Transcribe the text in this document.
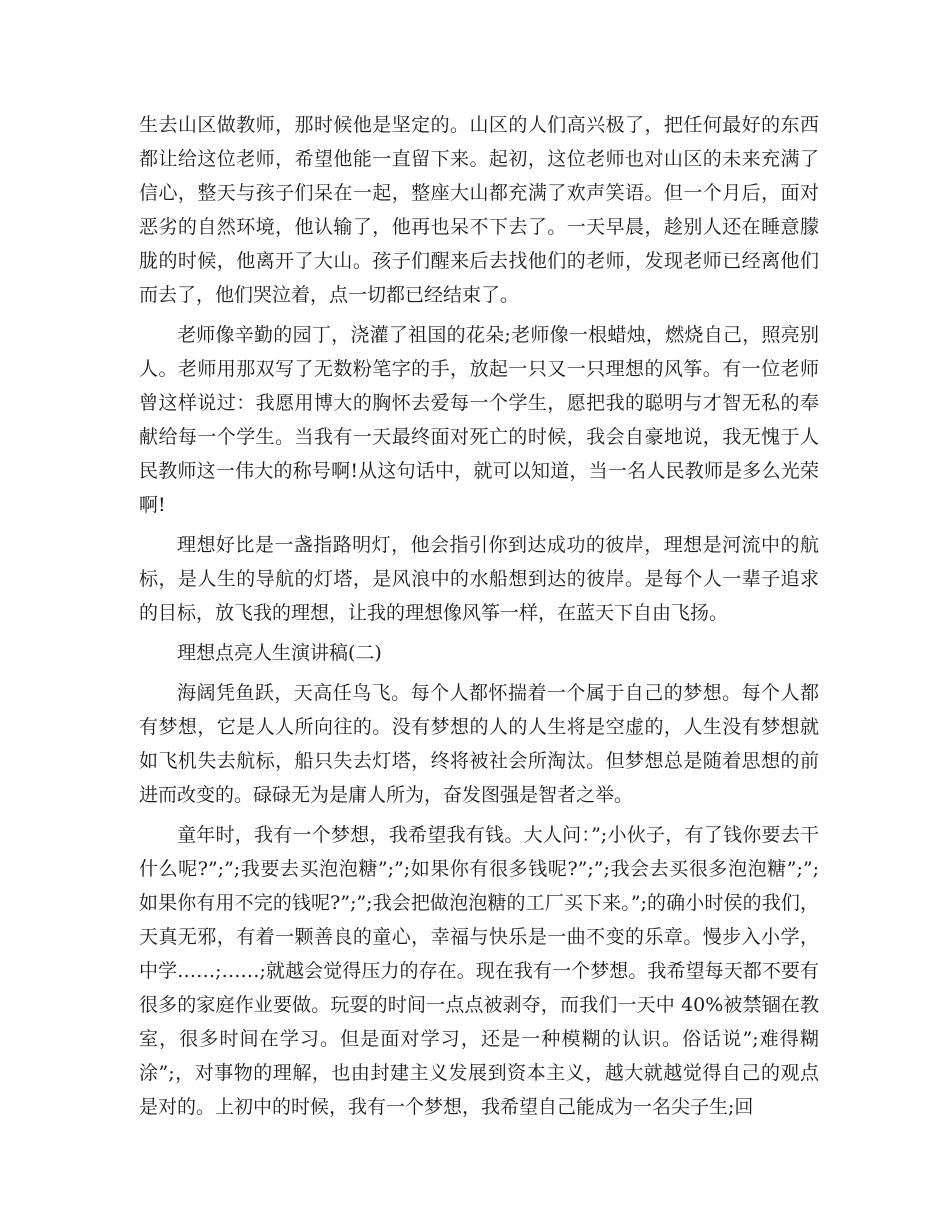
生去山区做教师，那时候他是坚定的。山区的人们高兴极了，把任何最好的东西都让给这位老师，希望他能一直留下来。起初，这位老师也对山区的未来充满了信心，整天与孩子们呆在一起，整座大山都充满了欢声笑语。但一个月后，面对恶劣的自然环境，他认输了，他再也呆不下去了。一天早晨，趁别人还在睡意朦胧的时候，他离开了大山。孩子们醒来后去找他们的老师，发现老师已经离他们而去了，他们哭泣着，点一切都已经结束了。

老师像辛勤的园丁，浇灌了祖国的花朵;老师像一根蜡烛，燃烧自己，照亮别人。老师用那双写了无数粉笔字的手，放起一只又一只理想的风筝。有一位老师曾这样说过：我愿用博大的胸怀去爱每一个学生，愿把我的聪明与才智无私的奉献给每一个学生。当我有一天最终面对死亡的时候，我会自豪地说，我无愧于人民教师这一伟大的称号啊!从这句话中，就可以知道，当一名人民教师是多么光荣啊!

理想好比是一盏指路明灯，他会指引你到达成功的彼岸，理想是河流中的航标，是人生的导航的灯塔，是风浪中的水船想到达的彼岸。是每个人一辈子追求的目标，放飞我的理想，让我的理想像风筝一样，在蓝天下自由飞扬。

理想点亮人生演讲稿(二)

海阔凭鱼跃，天高任鸟飞。每个人都怀揣着一个属于自己的梦想。每个人都有梦想，它是人人所向往的。没有梦想的人的人生将是空虚的，人生没有梦想就如飞机失去航标，船只失去灯塔，终将被社会所淘汰。但梦想总是随着思想的前进而改变的。碌碌无为是庸人所为，奋发图强是智者之举。

童年时，我有一个梦想，我希望我有钱。大人问：”;小伙子，有了钱你要去干什么呢?”;”;我要去买泡泡糖”;”;如果你有很多钱呢?”;”;我会去买很多泡泡糖”;”;如果你有用不完的钱呢?”;”;我会把做泡泡糖的工厂买下来。”;的确小时侯的我们，天真无邪，有着一颗善良的童心，幸福与快乐是一曲不变的乐章。慢步入小学，中学……;……;就越会觉得压力的存在。现在我有一个梦想。我希望每天都不要有很多的家庭作业要做。玩耍的时间一点点被剥夺，而我们一天中 40%被禁锢在教室，很多时间在学习。但是面对学习，还是一种模糊的认识。俗话说”;难得糊涂”;，对事物的理解，也由封建主义发展到资本主义，越大就越觉得自己的观点是对的。上初中的时候，我有一个梦想，我希望自己能成为一名尖子生;回
